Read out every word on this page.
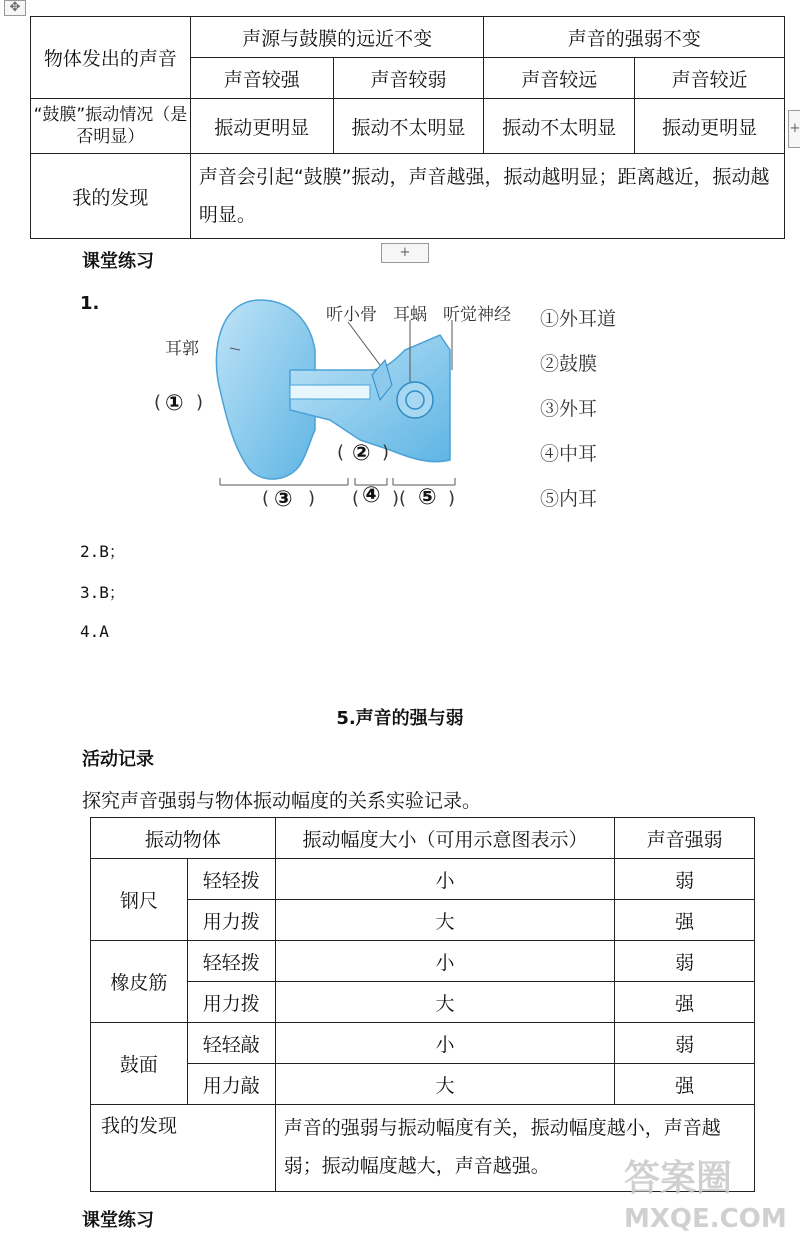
✥
物体发出的声音	声源与鼓膜的远近不变		声音的强弱不变	
	声音较强	声音较弱	声音较远	声音较近
“鼓膜”振动情况（是否明显）	振动更明显	振动不太明显	振动不太明显	振动更明显
我的发现	声音会引起“鼓膜”振动，声音越强，振动越明显；距离越近，振动越明显。			
+
+
课堂练习
1.
耳郭
听小骨 耳蜗 听觉神经
( ① )
( ② )
( ③ ) ( ④ )( ⑤ )
①外耳道
②鼓膜
③外耳
④中耳
⑤内耳
2.B；
3.B；
4.A
5.声音的强与弱
活动记录
探究声音强弱与物体振动幅度的关系实验记录。
振动物体		振动幅度大小（可用示意图表示）	声音强弱
钢尺	轻轻拨	小	弱
	用力拨	大	强
橡皮筋	轻轻拨	小	弱
	用力拨	大	强
鼓面	轻轻敲	小	弱
	用力敲	大	强
我的发现		声音的强弱与振动幅度有关，振动幅度越小，声音越弱；振动幅度越大，声音越强。	
课堂练习
答案圈
MXQE.COM
